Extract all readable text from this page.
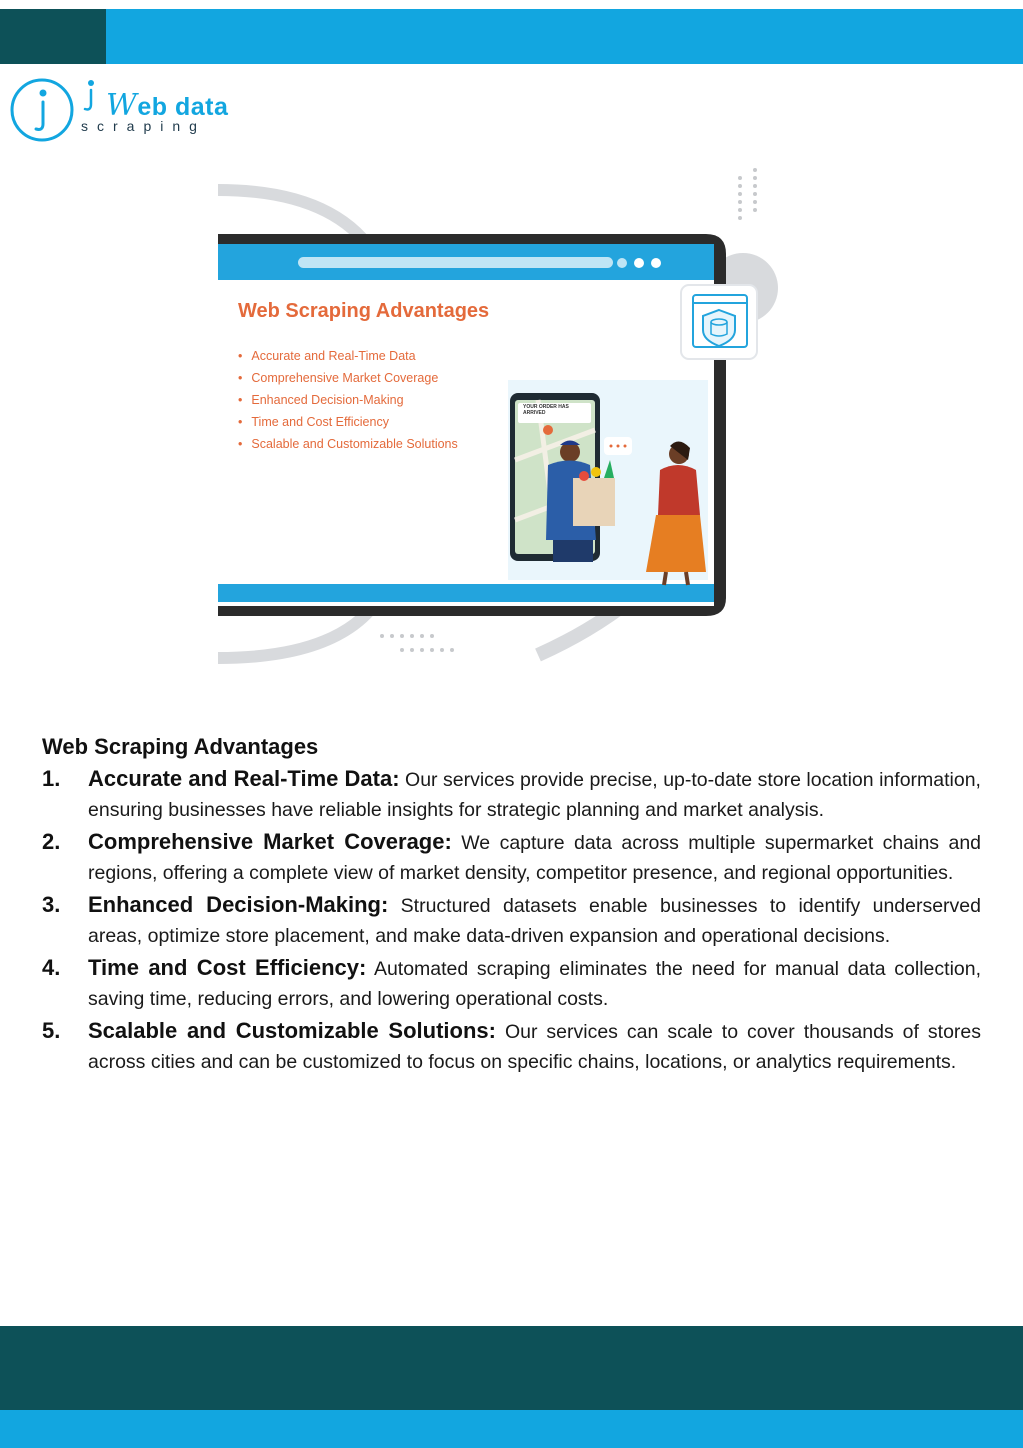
Web data
scraping
Web Scraping Advantages
• Accurate and Real-Time Data
• Comprehensive Market Coverage
• Enhanced Decision-Making
• Time and Cost Efficiency
• Scalable and Customizable Solutions
YOUR ORDER HAS ARRIVED
Web Scraping Advantages
1. Accurate and Real-Time Data: Our services provide precise, up-to-date store location information, ensuring businesses have reliable insights for strategic planning and market analysis.

2. Comprehensive Market Coverage: We capture data across multiple supermarket chains and regions, offering a complete view of market density, competitor presence, and regional opportunities.

3. Enhanced Decision-Making: Structured datasets enable businesses to identify underserved areas, optimize store placement, and make data-driven expansion and operational decisions.

4. Time and Cost Efficiency: Automated scraping eliminates the need for manual data collection, saving time, reducing errors, and lowering operational costs.

5. Scalable and Customizable Solutions: Our services can scale to cover thousands of stores across cities and can be customized to focus on specific chains, locations, or analytics requirements.
